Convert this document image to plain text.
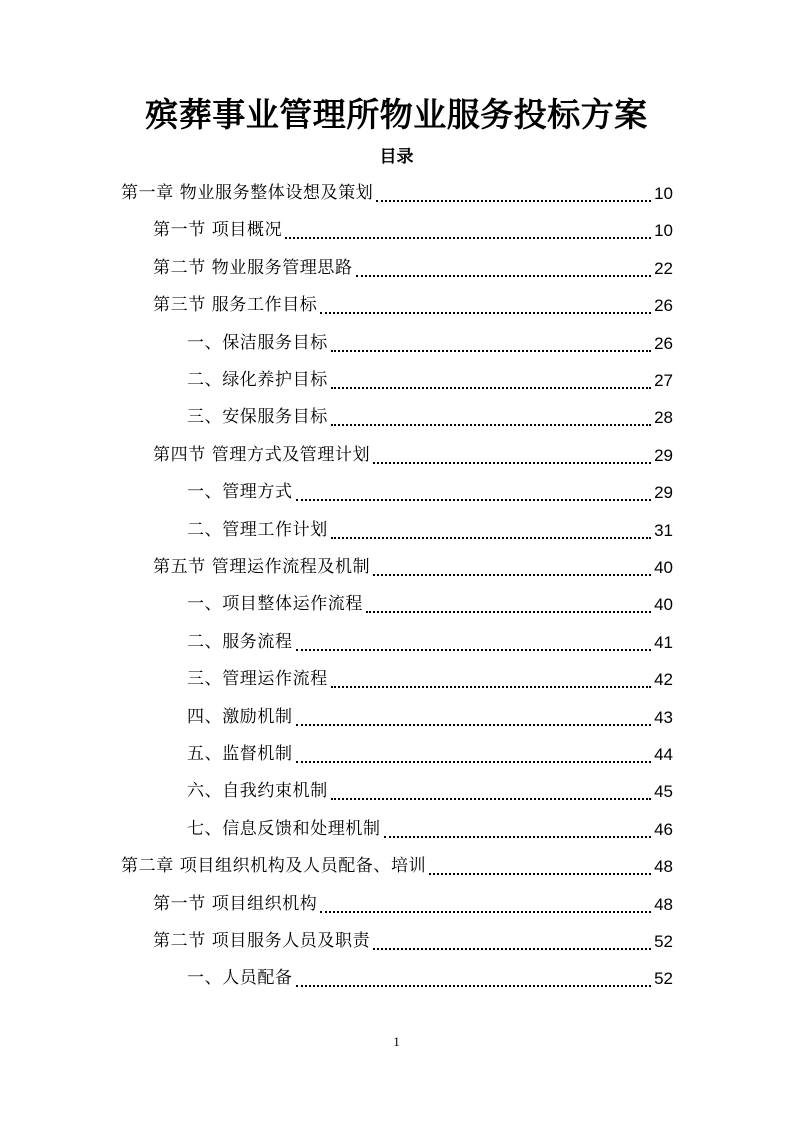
殡葬事业管理所物业服务投标方案
目录
第一章 物业服务整体设想及策划	10
第一节 项目概况	10
第二节 物业服务管理思路	22
第三节 服务工作目标	26
一、保洁服务目标	26
二、绿化养护目标	27
三、安保服务目标	28
第四节 管理方式及管理计划	29
一、管理方式	29
二、管理工作计划	31
第五节 管理运作流程及机制	40
一、项目整体运作流程	40
二、服务流程	41
三、管理运作流程	42
四、激励机制	43
五、监督机制	44
六、自我约束机制	45
七、信息反馈和处理机制	46
第二章 项目组织机构及人员配备、培训	48
第一节 项目组织机构	48
第二节 项目服务人员及职责	52
一、人员配备	52
1
